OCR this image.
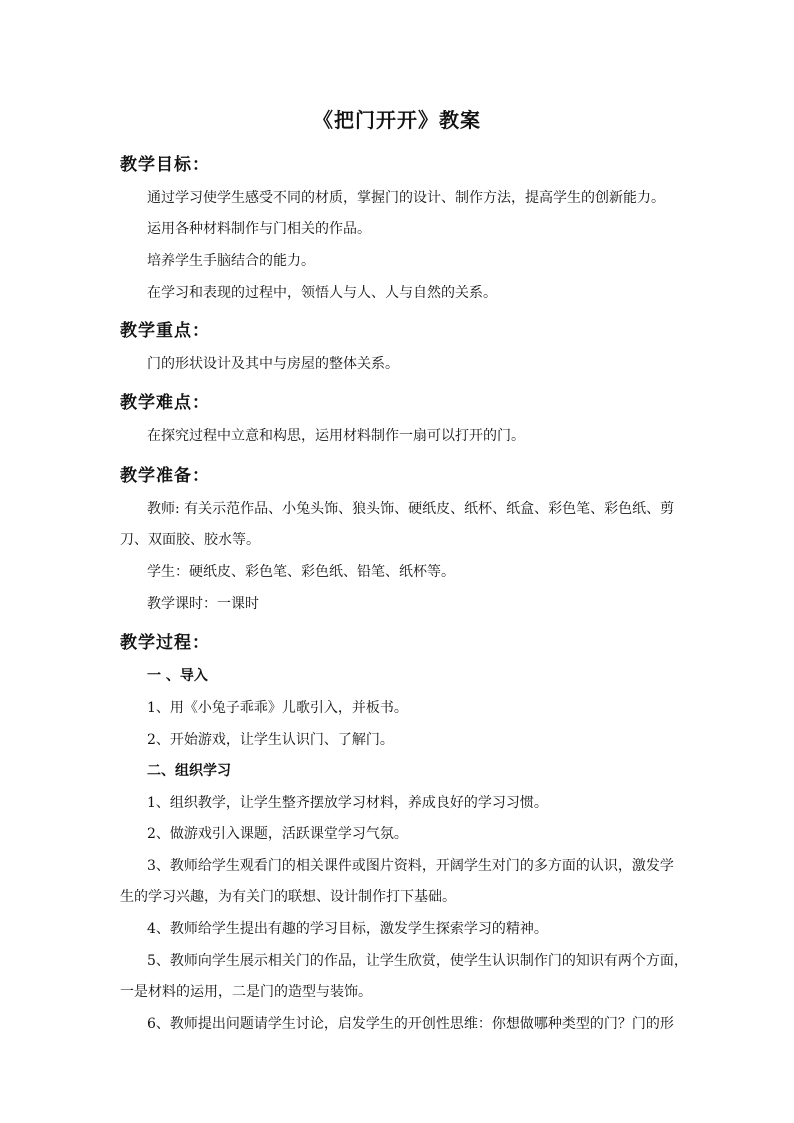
《把门开开》教案
教学目标：
通过学习使学生感受不同的材质，掌握门的设计、制作方法，提高学生的创新能力。
运用各种材料制作与门相关的作品。
培养学生手脑结合的能力。
在学习和表现的过程中，领悟人与人、人与自然的关系。
教学重点：
门的形状设计及其中与房屋的整体关系。
教学难点：
在探究过程中立意和构思，运用材料制作一扇可以打开的门。
教学准备：
教师: 有关示范作品、小兔头饰、狼头饰、硬纸皮、纸杯、纸盒、彩色笔、彩色纸、剪
刀、双面胶、胶水等。
学生：硬纸皮、彩色笔、彩色纸、铅笔、纸杯等。
教学课时：一课时
教学过程：
一 、导入
1、用《小兔子乖乖》儿歌引入，并板书。
2、开始游戏，让学生认识门、了解门。
二、组织学习
1、组织教学，让学生整齐摆放学习材料，养成良好的学习习惯。
2、做游戏引入课题，活跃课堂学习气氛。
3、教师给学生观看门的相关课件或图片资料，开阔学生对门的多方面的认识，激发学
生的学习兴趣，为有关门的联想、设计制作打下基础。
4、教师给学生提出有趣的学习目标，激发学生探索学习的精神。
5、教师向学生展示相关门的作品，让学生欣赏，使学生认识制作门的知识有两个方面，
一是材料的运用，二是门的造型与装饰。
6、教师提出问题请学生讨论，启发学生的开创性思维：你想做哪种类型的门？门的形
